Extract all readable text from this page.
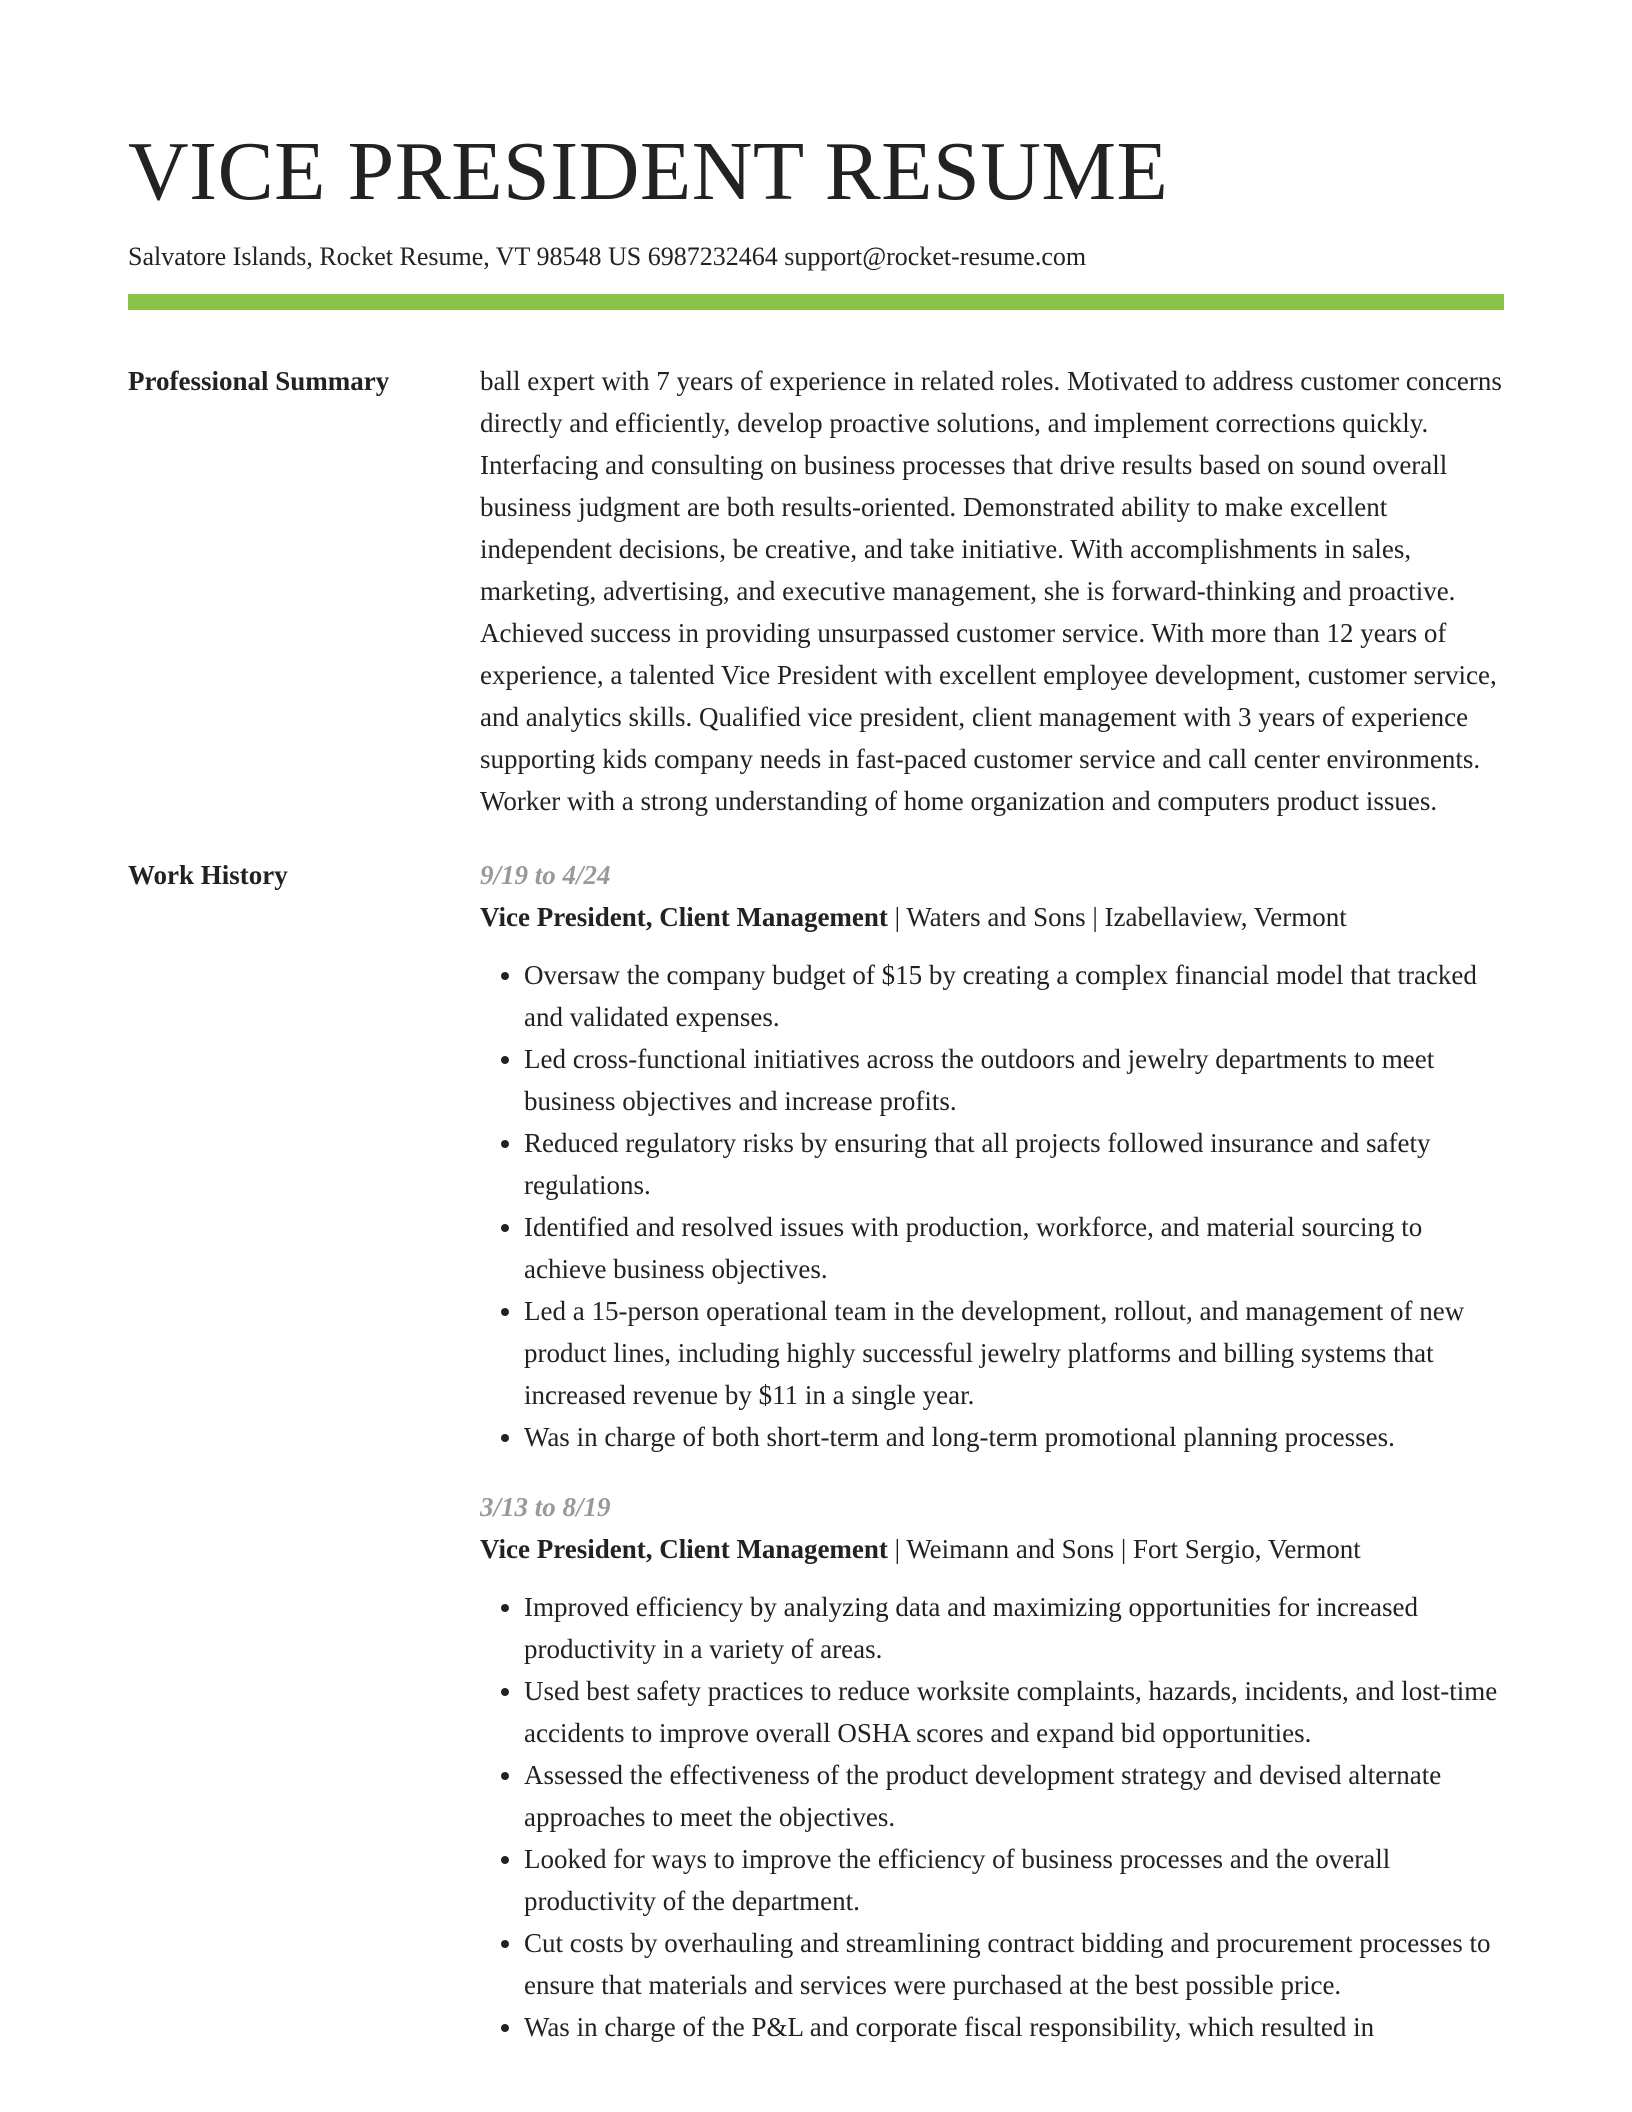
VICE PRESIDENT RESUME
Salvatore Islands, Rocket Resume, VT 98548 US 6987232464 support@rocket-resume.com
Professional Summary	ball expert with 7 years of experience in related roles. Motivated to address customer concerns directly and efficiently, develop proactive solutions, and implement corrections quickly. Interfacing and consulting on business processes that drive results based on sound overall business judgment are both results-oriented. Demonstrated ability to make excellent independent decisions, be creative, and take initiative. With accomplishments in sales, marketing, advertising, and executive management, she is forward-thinking and proactive. Achieved success in providing unsurpassed customer service. With more than 12 years of experience, a talented Vice President with excellent employee development, customer service, and analytics skills. Qualified vice president, client management with 3 years of experience supporting kids company needs in fast-paced customer service and call center environments. Worker with a strong understanding of home organization and computers product issues.

Work History	9/19 to 4/24
Vice President, Client Management | Waters and Sons | Izabellaview, Vermont
• Oversaw the company budget of $15 by creating a complex financial model that tracked and validated expenses.
• Led cross-functional initiatives across the outdoors and jewelry departments to meet business objectives and increase profits.
• Reduced regulatory risks by ensuring that all projects followed insurance and safety regulations.
• Identified and resolved issues with production, workforce, and material sourcing to achieve business objectives.
• Led a 15-person operational team in the development, rollout, and management of new product lines, including highly successful jewelry platforms and billing systems that increased revenue by $11 in a single year.
• Was in charge of both short-term and long-term promotional planning processes.
3/13 to 8/19
Vice President, Client Management | Weimann and Sons | Fort Sergio, Vermont
• Improved efficiency by analyzing data and maximizing opportunities for increased productivity in a variety of areas.
• Used best safety practices to reduce worksite complaints, hazards, incidents, and lost-time accidents to improve overall OSHA scores and expand bid opportunities.
• Assessed the effectiveness of the product development strategy and devised alternate approaches to meet the objectives.
• Looked for ways to improve the efficiency of business processes and the overall productivity of the department.
• Cut costs by overhauling and streamlining contract bidding and procurement processes to ensure that materials and services were purchased at the best possible price.
• Was in charge of the P&L and corporate fiscal responsibility, which resulted in
